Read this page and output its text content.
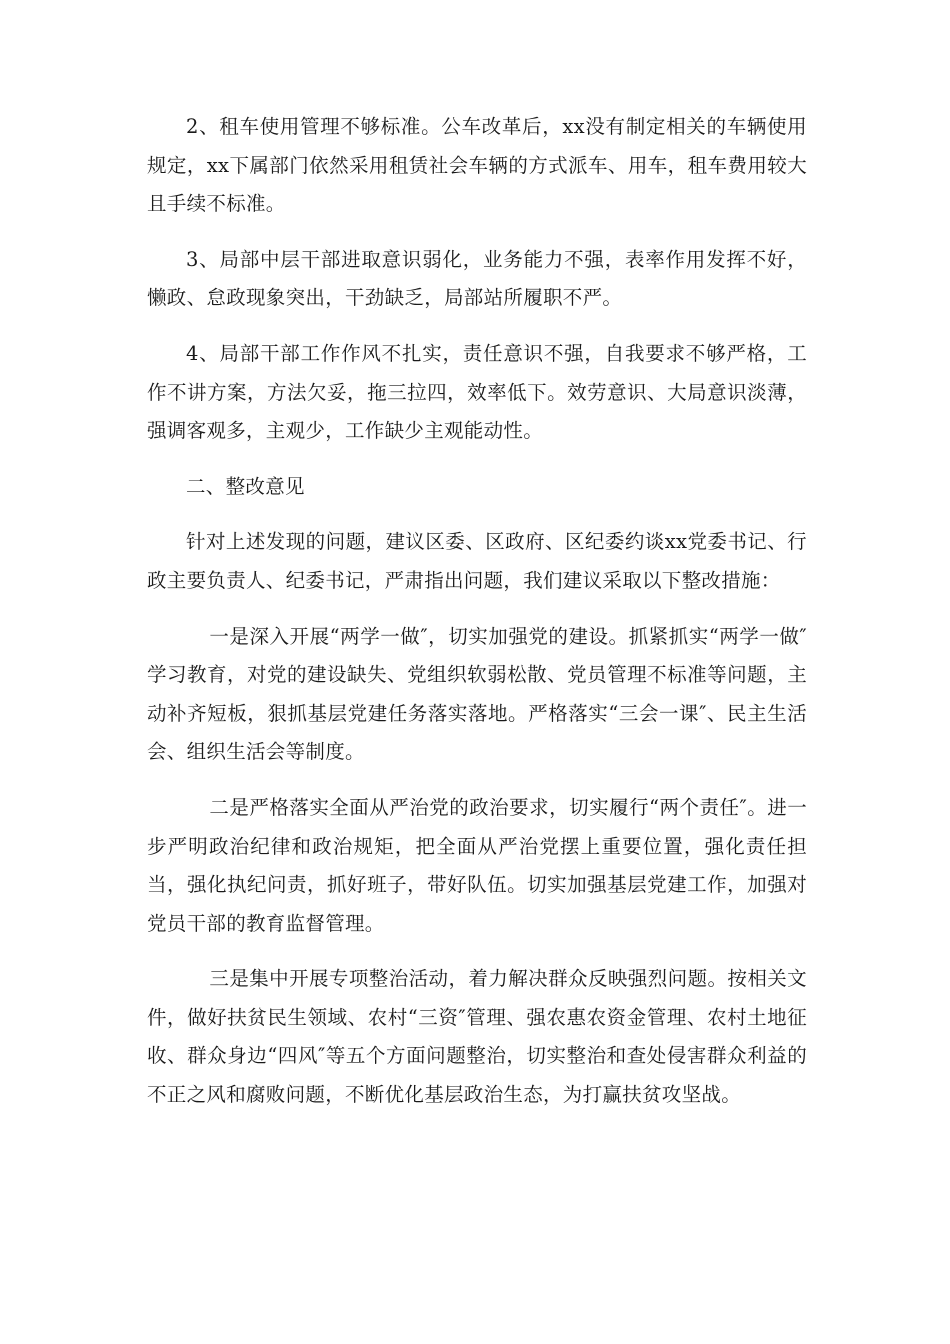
2、租车使用管理不够标准。公车改革后，xx没有制定相关的车辆使用规定，xx下属部门依然采用租赁社会车辆的方式派车、用车，租车费用较大且手续不标准。

3、局部中层干部进取意识弱化，业务能力不强，表率作用发挥不好，懒政、怠政现象突出，干劲缺乏，局部站所履职不严。

4、局部干部工作作风不扎实，责任意识不强，自我要求不够严格，工作不讲方案，方法欠妥，拖三拉四，效率低下。效劳意识、大局意识淡薄，强调客观多，主观少，工作缺少主观能动性。

二、整改意见

针对上述发现的问题，建议区委、区政府、区纪委约谈xx党委书记、行政主要负责人、纪委书记，严肃指出问题，我们建议采取以下整改措施：

一是深入开展“两学一做″，切实加强党的建设。抓紧抓实“两学一做″学习教育，对党的建设缺失、党组织软弱松散、党员管理不标准等问题，主动补齐短板，狠抓基层党建任务落实落地。严格落实“三会一课″、民主生活会、组织生活会等制度。

二是严格落实全面从严治党的政治要求，切实履行“两个责任″。进一步严明政治纪律和政治规矩，把全面从严治党摆上重要位置，强化责任担当，强化执纪问责，抓好班子，带好队伍。切实加强基层党建工作，加强对党员干部的教育监督管理。

三是集中开展专项整治活动，着力解决群众反映强烈问题。按相关文件，做好扶贫民生领域、农村“三资″管理、强农惠农资金管理、农村土地征收、群众身边“四风″等五个方面问题整治，切实整治和查处侵害群众利益的不正之风和腐败问题，不断优化基层政治生态，为打赢扶贫攻坚战。
